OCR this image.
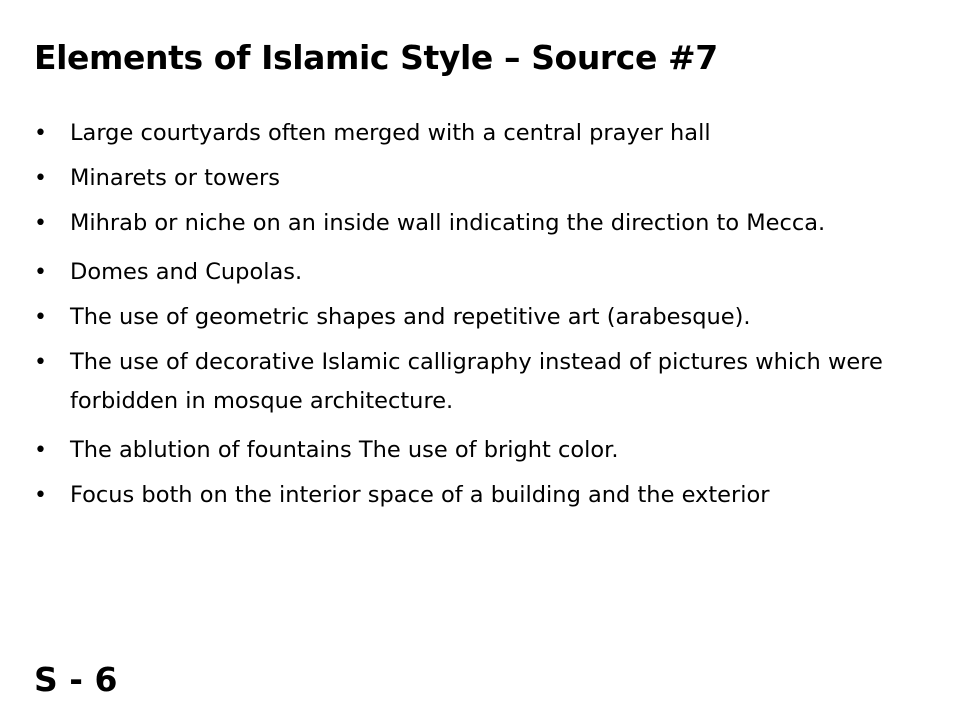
Elements of Islamic Style – Source #7
• Large courtyards often merged with a central prayer hall
• Minarets or towers
• Mihrab or niche on an inside wall indicating the direction to Mecca.
• Domes and Cupolas.
• The use of geometric shapes and repetitive art (arabesque).
• The use of decorative Islamic calligraphy instead of pictures which were forbidden in mosque architecture.
• The ablution of fountains The use of bright color.
• Focus both on the interior space of a building and the exterior
S - 6
